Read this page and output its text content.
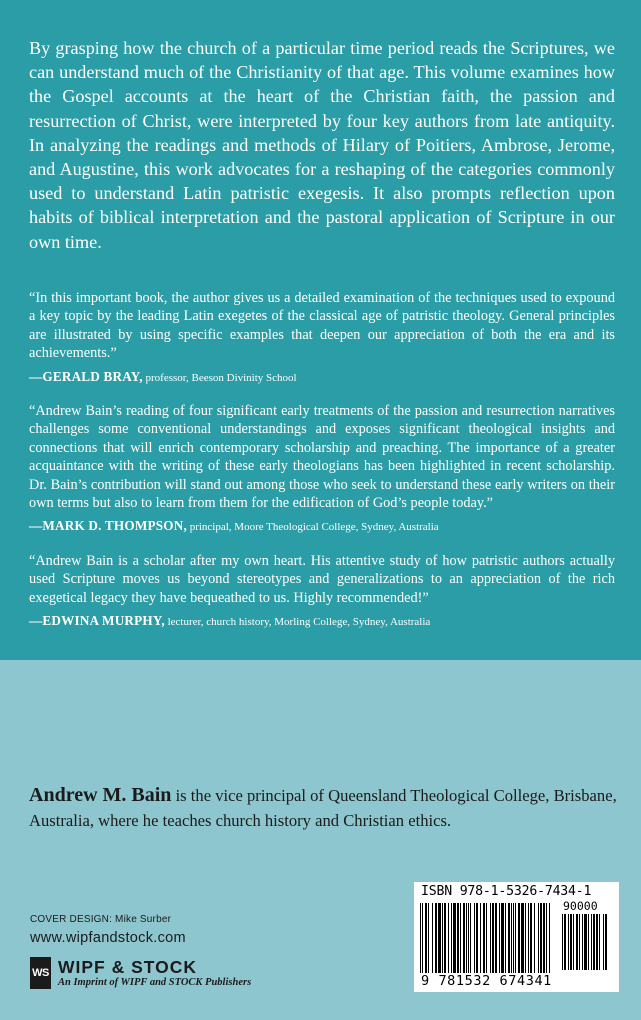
By grasping how the church of a particular time period reads the Scriptures, we can understand much of the Christianity of that age. This volume examines how the Gospel accounts at the heart of the Christian faith, the passion and resurrection of Christ, were interpreted by four key authors from late antiquity. In analyzing the readings and methods of Hilary of Poitiers, Ambrose, Jerome, and Augustine, this work advocates for a reshaping of the categories commonly used to understand Latin patristic exegesis. It also prompts reflection upon habits of biblical interpretation and the pastoral application of Scripture in our own time.

“In this important book, the author gives us a detailed examination of the techniques used to expound a key topic by the leading Latin exegetes of the classical age of patristic theology. General principles are illustrated by using specific examples that deepen our appreciation of both the era and its achievements.”

—GERALD BRAY, professor, Beeson Divinity School

“Andrew Bain’s reading of four significant early treatments of the passion and resurrection narratives challenges some conventional understandings and exposes significant theological insights and connections that will enrich contemporary scholarship and preaching. The importance of a greater acquaintance with the writing of these early theologians has been highlighted in recent scholarship. Dr. Bain’s contribution will stand out among those who seek to understand these early writers on their own terms but also to learn from them for the edification of God’s people today.”

—MARK D. THOMPSON, principal, Moore Theological College, Sydney, Australia

“Andrew Bain is a scholar after my own heart. His attentive study of how patristic authors actually used Scripture moves us beyond stereotypes and generalizations to an appreciation of the rich exegetical legacy they have bequeathed to us. Highly recommended!”

—EDWINA MURPHY, lecturer, church history, Morling College, Sydney, Australia

Andrew M. Bain is the vice principal of Queensland Theological College, Brisbane, Australia, where he teaches church history and Christian ethics.

COVER DESIGN: Mike Surber
www.wipfandstock.com
WS WIPF & STOCK
An Imprint of WIPF and STOCK Publishers
ISBN 978-1-5326-7434-1
90000
9 781532 674341
